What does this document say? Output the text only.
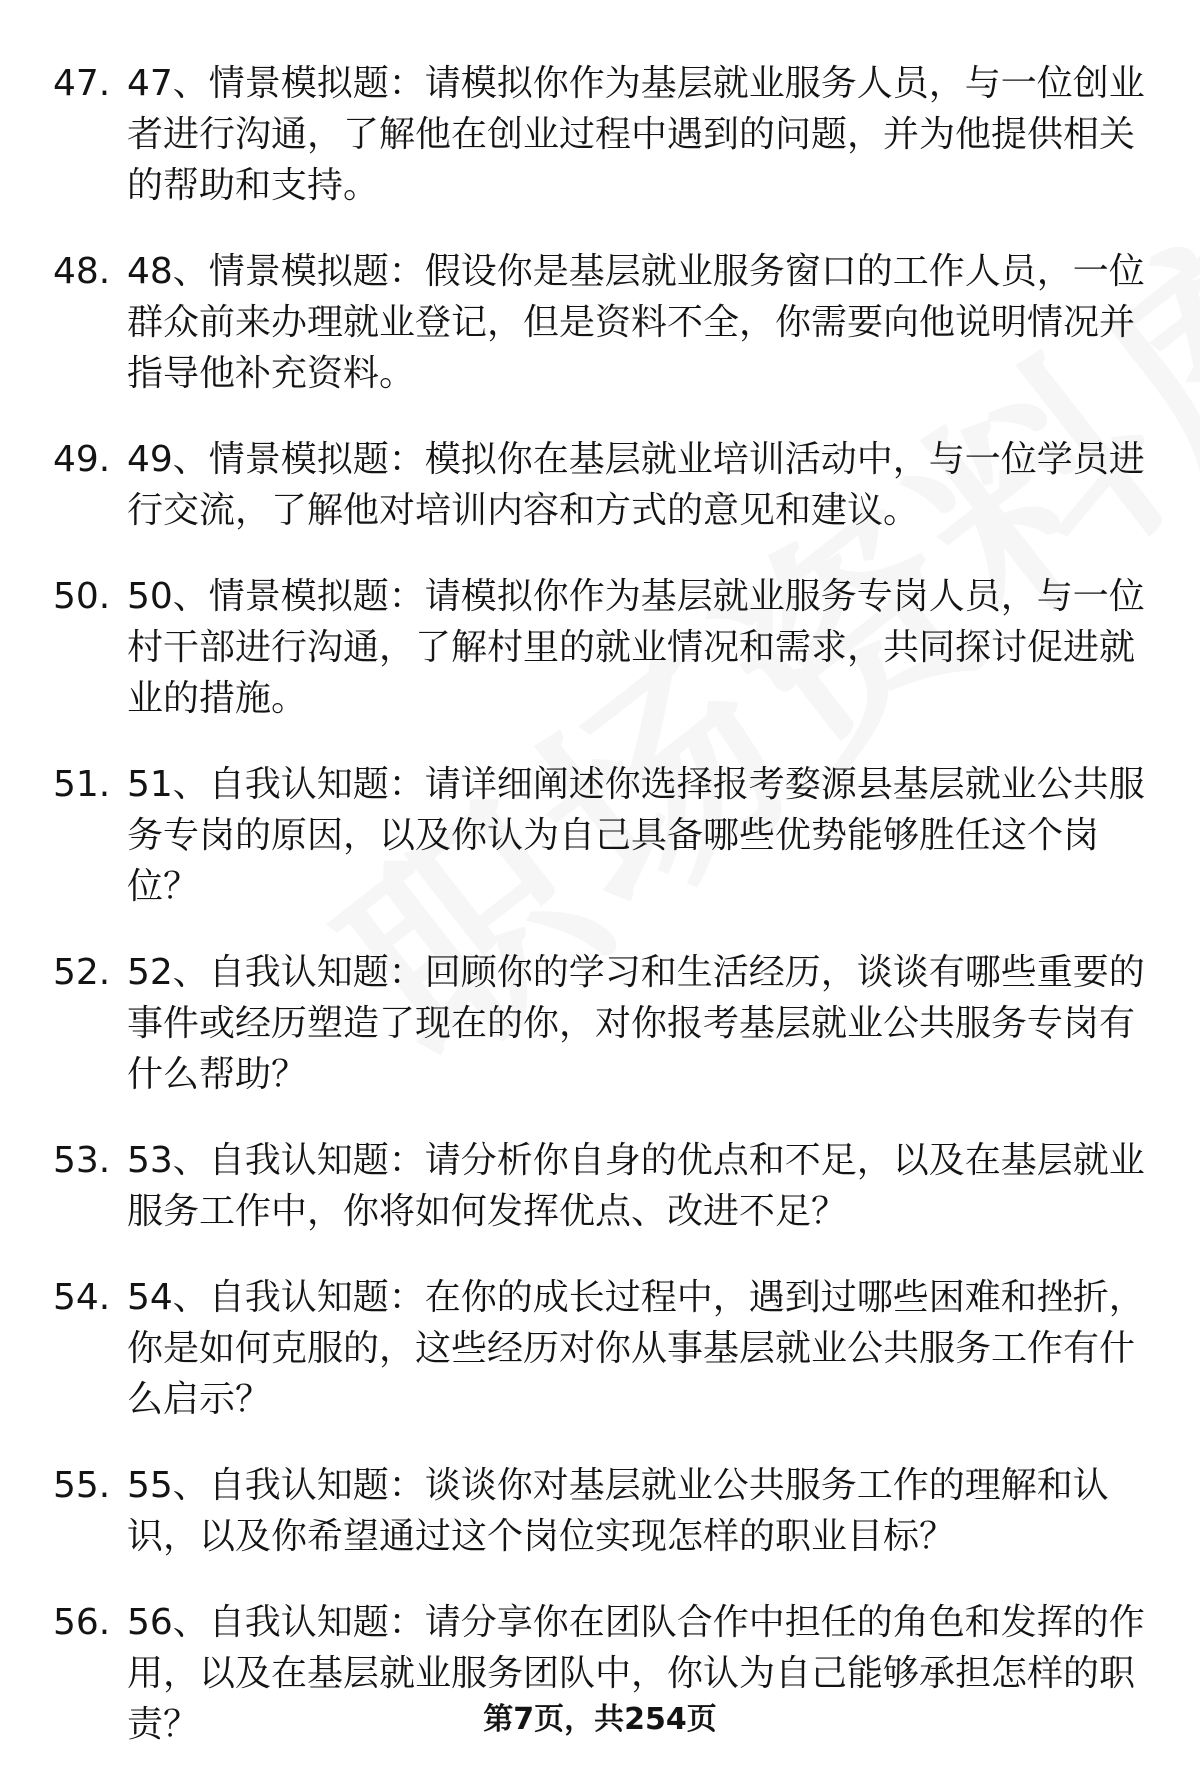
47. 47、情景模拟题：请模拟你作为基层就业服务人员，与一位创业者进行沟通，了解他在创业过程中遇到的问题，并为他提供相关的帮助和支持。
48. 48、情景模拟题：假设你是基层就业服务窗口的工作人员，一位群众前来办理就业登记，但是资料不全，你需要向他说明情况并指导他补充资料。
49. 49、情景模拟题：模拟你在基层就业培训活动中，与一位学员进行交流，了解他对培训内容和方式的意见和建议。
50. 50、情景模拟题：请模拟你作为基层就业服务专岗人员，与一位村干部进行沟通，了解村里的就业情况和需求，共同探讨促进就业的措施。
51. 51、自我认知题：请详细阐述你选择报考婺源县基层就业公共服务专岗的原因，以及你认为自己具备哪些优势能够胜任这个岗位？
52. 52、自我认知题：回顾你的学习和生活经历，谈谈有哪些重要的事件或经历塑造了现在的你，对你报考基层就业公共服务专岗有什么帮助？
53. 53、自我认知题：请分析你自身的优点和不足，以及在基层就业服务工作中，你将如何发挥优点、改进不足？
54. 54、自我认知题：在你的成长过程中，遇到过哪些困难和挫折，你是如何克服的，这些经历对你从事基层就业公共服务工作有什么启示？
55. 55、自我认知题：谈谈你对基层就业公共服务工作的理解和认识，以及你希望通过这个岗位实现怎样的职业目标？
56. 56、自我认知题：请分享你在团队合作中担任的角色和发挥的作用，以及在基层就业服务团队中，你认为自己能够承担怎样的职责？	第7页，共254页
